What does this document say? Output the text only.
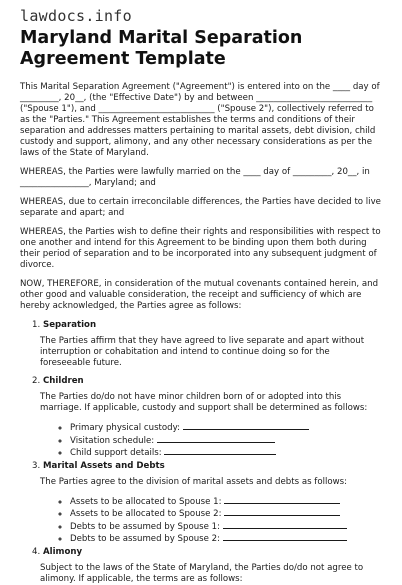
lawdocs.info
Maryland Marital Separation Agreement Template

This Marital Separation Agreement ("Agreement") is entered into on the ____ day of _________, 20__, (the "Effective Date") by and between ___________________________ ("Spouse 1"), and ___________________________ ("Spouse 2"), collectively referred to as the "Parties." This Agreement establishes the terms and conditions of their separation and addresses matters pertaining to marital assets, debt division, child custody and support, alimony, and any other necessary considerations as per the laws of the State of Maryland.

WHEREAS, the Parties were lawfully married on the ____ day of _________, 20__, in ________________, Maryland; and

WHEREAS, due to certain irreconcilable differences, the Parties have decided to live separate and apart; and

WHEREAS, the Parties wish to define their rights and responsibilities with respect to one another and intend for this Agreement to be binding upon them both during their period of separation and to be incorporated into any subsequent judgment of divorce.

NOW, THEREFORE, in consideration of the mutual covenants contained herein, and other good and valuable consideration, the receipt and sufficiency of which are hereby acknowledged, the Parties agree as follows:

1. Separation

The Parties affirm that they have agreed to live separate and apart without interruption or cohabitation and intend to continue doing so for the foreseeable future.

2. Children

The Parties do/do not have minor children born of or adopted into this marriage. If applicable, custody and support shall be determined as follows:

◦ Primary physical custody:
◦ Visitation schedule:
◦ Child support details:
3. Marital Assets and Debts

The Parties agree to the division of marital assets and debts as follows:

◦ Assets to be allocated to Spouse 1:
◦ Assets to be allocated to Spouse 2:
◦ Debts to be assumed by Spouse 1:
◦ Debts to be assumed by Spouse 2:
4. Alimony

Subject to the laws of the State of Maryland, the Parties do/do not agree to alimony. If applicable, the terms are as follows:
